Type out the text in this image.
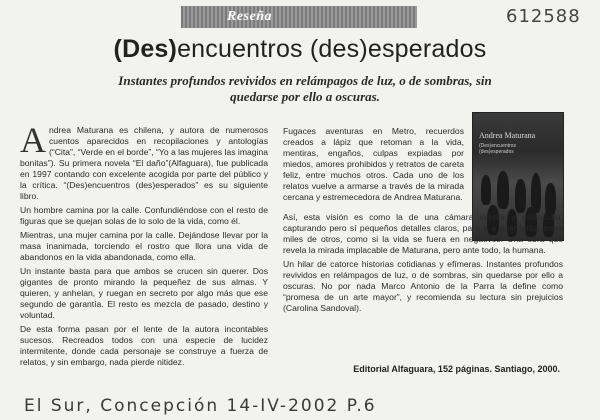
Reseña	612588
(Des)encuentros (des)esperados

Instantes profundos revividos en relámpagos de luz, o de sombras, sin quedarse por ello a oscuras.

Andrea Maturana es chilena, y autora de numerosos cuentos aparecidos en recopilaciones y antologías (“Cita”, “Verde en el borde”, “Yo a las mujeres las imagina bonitas”). Su primera novela “El daño”(Alfaguara), fue publicada en 1997 contando con excelente acogida por parte del público y la crítica. “(Des)encuentros (des)esperados” es su siguiente libro.

Un hombre camina por la calle. Confundiéndose con el resto de figuras que se quejan solas de lo solo de la vida, como él.

Mientras, una mujer camina por la calle. Dejándose llevar por la masa inanimada, torciendo el rostro que llora una vida de abandonos en la vida abandonada, como ella.

Un instante basta para que ambos se crucen sin querer. Dos gigantes de pronto mirando la pequeñez de sus almas. Y quieren, y anhelan, y ruegan en secreto por algo más que ese segundo de garantía. El resto es mezcla de pasado, destino y voluntad.

De esta forma pasan por el lente de la autora incontables sucesos. Recreados todos con una especie de lucidez intermitente, donde cada personaje se construye a fuerza de relatos, y sin embargo, nada pierde nitidez.

Fugaces aventuras en Metro, recuerdos creados a lápiz que retoman a la vida, mentiras, engaños, culpas expiadas por miedos, amores prohibidos y retratos de careta feliz, entre muchos otros. Cada uno de los relatos vuelve a armarse a través de la mirada cercana y estremecedora de Andrea Maturana.

Andrea Maturana
(Des)encuentros (des)esperados

Así, esta visión es como la de una cámara interior y minúscula, capturando pero sí pequeños detalles claros, para ir a guardarlos entre miles de otros, como si la vida se fuera en negativos. Una obra que revela la mirada implacable de Maturana, pero ante todo, la humana.

Un hilar de catorce historias cotidianas y efímeras. Instantes profundos revividos en relámpagos de luz, o de sombras, sin quedarse por ello a oscuras. No por nada Marco Antonio de la Parra la define como “promesa de un arte mayor”, y recomienda su lectura sin prejuicios (Carolina Sandoval).

Editorial Alfaguara, 152 páginas. Santiago, 2000.

El Sur, Concepción 14-IV-2002 P.6
